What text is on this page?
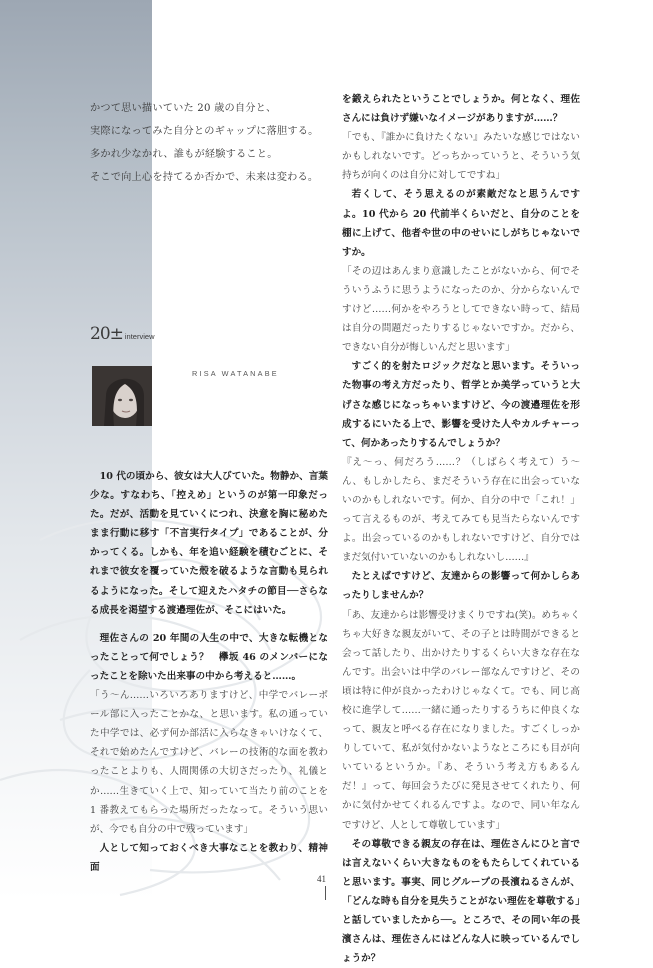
かつて思い描いていた 20 歳の自分と、
実際になってみた自分とのギャップに落胆する。
多かれ少なかれ、誰もが経験すること。
そこで向上心を持てるか否かで、未来は変わる。
20± interview
RISA WATANABE

10 代の頃から、彼女は大人びていた。物静か、言葉少な。すなわち、「控えめ」というのが第一印象だった。だが、活動を見ていくにつれ、決意を胸に秘めたまま行動に移す「不言実行タイプ」であることが、分かってくる。しかも、年を追い経験を積むごとに、それまで彼女を覆っていた殻を破るような言動も見られるようになった。そして迎えたハタチの節目──さらなる成長を渇望する渡邉理佐が、そこにはいた。

理佐さんの 20 年間の人生の中で、大きな転機となったことって何でしょう？　欅坂 46 のメンバーになったことを除いた出来事の中から考えると……。

「う〜ん……いろいろありますけど、中学でバレーボール部に入ったことかな、と思います。私の通っていた中学では、必ず何か部活に入らなきゃいけなくて、それで始めたんですけど、バレーの技術的な面を教わったことよりも、人間関係の大切さだったり、礼儀とか……生きていく上で、知っていて当たり前のことを 1 番教えてもらった場所だったなって。そういう思いが、今でも自分の中で残っています」

人として知っておくべき大事なことを教わり、精神面

を鍛えられたということでしょうか。何となく、理佐さんには負けず嫌いなイメージがありますが……？

「でも、『誰かに負けたくない』みたいな感じではないかもしれないです。どっちかっていうと、そういう気持ちが向くのは自分に対してですね」

若くして、そう思えるのが素敵だなと思うんですよ。10 代から 20 代前半くらいだと、自分のことを棚に上げて、他者や世の中のせいにしがちじゃないですか。

「その辺はあんまり意識したことがないから、何でそういうふうに思うようになったのか、分からないんですけど……何かをやろうとしてできない時って、結局は自分の問題だったりするじゃないですか。だから、できない自分が悔しいんだと思います」

すごく的を射たロジックだなと思います。そういった物事の考え方だったり、哲学とか美学っていうと大げさな感じになっちゃいますけど、今の渡邉理佐を形成するにいたる上で、影響を受けた人やカルチャーって、何かあったりするんでしょうか？

『え〜っ、何だろう……？（しばらく考えて）う〜ん、もしかしたら、まだそういう存在に出会っていないのかもしれないです。何か、自分の中で「これ！」って言えるものが、考えてみても見当たらないんですよ。出会っているのかもしれないですけど、自分ではまだ気付いていないのかもしれないし……』

たとえばですけど、友達からの影響って何かしらあったりしませんか？

「あ、友達からは影響受けまくりですね(笑)。めちゃくちゃ大好きな親友がいて、その子とは時間ができると会って話したり、出かけたりするくらい大きな存在なんです。出会いは中学のバレー部なんですけど、その頃は特に仲が良かったわけじゃなくて。でも、同じ高校に進学して……一緒に通ったりするうちに仲良くなって、親友と呼べる存在になりました。すごくしっかりしていて、私が気付かないようなところにも目が向いているというか。『あ、そういう考え方もあるんだ！』って、毎回会うたびに発見させてくれたり、何かに気付かせてくれるんですよ。なので、同い年なんですけど、人として尊敬しています」

その尊敬できる親友の存在は、理佐さんにひと言では言えないくらい大きなものをもたらしてくれていると思います。事実、同じグループの長濱ねるさんが、「どんな時も自分を見失うことがない理佐を尊敬する」と話していましたから──。ところで、その同い年の長濱さんは、理佐さんにはどんな人に映っているんでしょうか？

41
